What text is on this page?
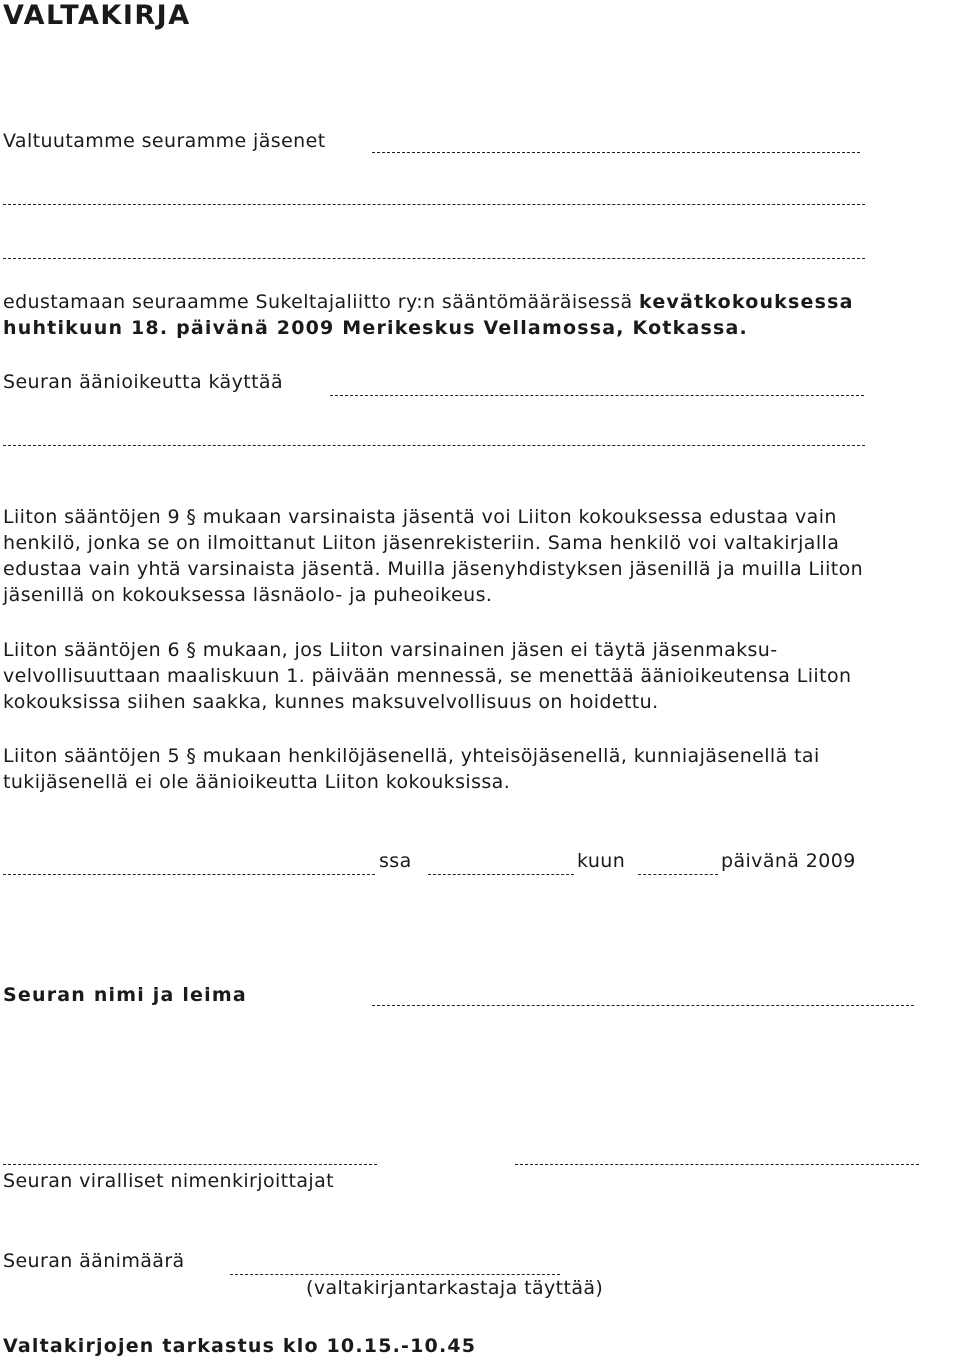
VALTAKIRJA
Valtuutamme seuramme jäsenet
edustamaan seuraamme Sukeltajaliitto ry:n sääntömääräisessä kevätkokouksessa
huhtikuun 18. päivänä 2009 Merikeskus Vellamossa, Kotkassa.
Seuran äänioikeutta käyttää
Liiton sääntöjen 9 § mukaan varsinaista jäsentä voi Liiton kokouksessa edustaa vain
henkilö, jonka se on ilmoittanut Liiton jäsenrekisteriin. Sama henkilö voi valtakirjalla
edustaa vain yhtä varsinaista jäsentä. Muilla jäsenyhdistyksen jäsenillä ja muilla Liiton
jäsenillä on kokouksessa läsnäolo- ja puheoikeus.
Liiton sääntöjen 6 § mukaan, jos Liiton varsinainen jäsen ei täytä jäsenmaksu-
velvollisuuttaan maaliskuun 1. päivään mennessä, se menettää äänioikeutensa Liiton
kokouksissa siihen saakka, kunnes maksuvelvollisuus on hoidettu.
Liiton sääntöjen 5 § mukaan henkilöjäsenellä, yhteisöjäsenellä, kunniajäsenellä tai
tukijäsenellä ei ole äänioikeutta Liiton kokouksissa.
ssa	kuun	päivänä 2009
Seuran nimi ja leima
Seuran viralliset nimenkirjoittajat
Seuran äänimäärä
(valtakirjantarkastaja täyttää)
Valtakirjojen tarkastus klo 10.15.-10.45
